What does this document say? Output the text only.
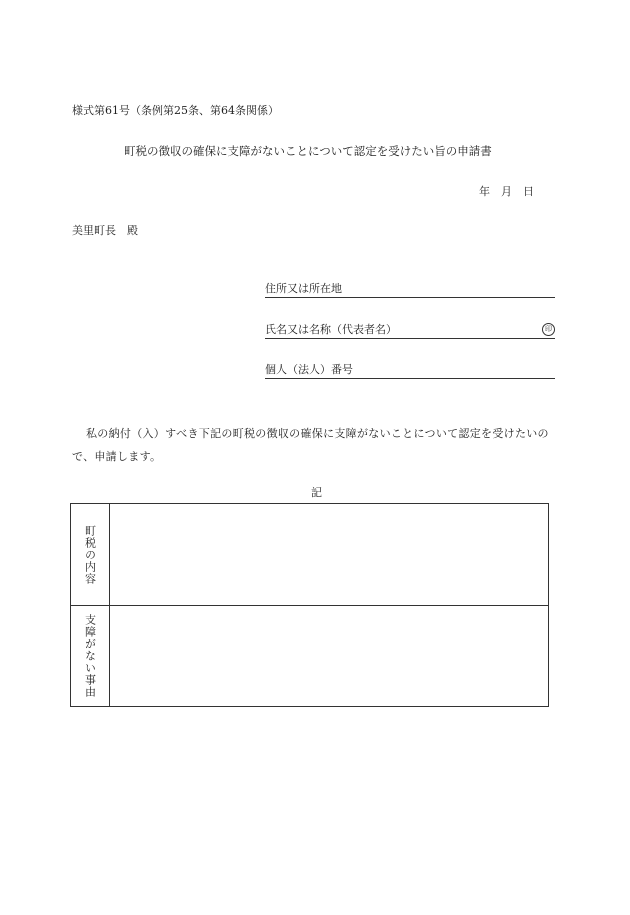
様式第61号（条例第25条、第64条関係）
町税の徴収の確保に支障がないことについて認定を受けたい旨の申請書
年　月　日
美里町長　殿
住所又は所在地
氏名又は名称（代表者名）	印
個人（法人）番号
私の納付（入）すべき下記の町税の徴収の確保に支障がないことについて認定を受けたいので、申請します。
記
町税の内容
支障がない事由
